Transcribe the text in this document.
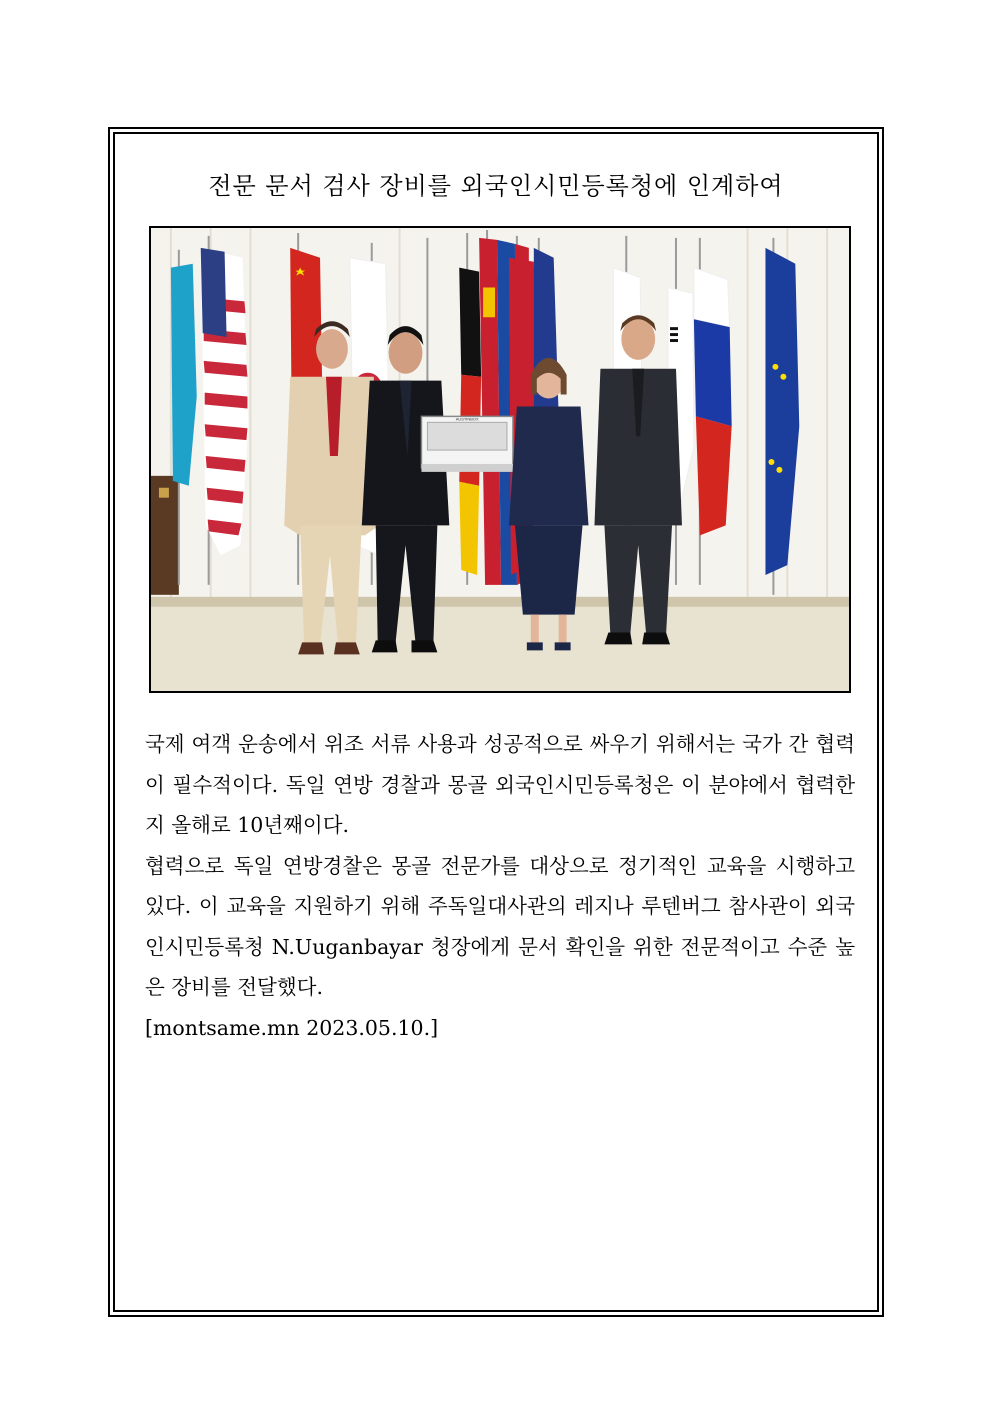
전문 문서 검사 장비를 외국인시민등록청에 인계하여
AUSTINBOX

국제 여객 운송에서 위조 서류 사용과 성공적으로 싸우기 위해서는 국가 간 협력이 필수적이다. 독일 연방 경찰과 몽골 외국인시민등록청은 이 분야에서 협력한 지 올해로 10년째이다.

협력으로 독일 연방경찰은 몽골 전문가를 대상으로 정기적인 교육을 시행하고 있다. 이 교육을 지원하기 위해 주독일대사관의 레지나 루텐버그 참사관이 외국인시민등록청 N.Uuganbayar 청장에게 문서 확인을 위한 전문적이고 수준 높은 장비를 전달했다.

[montsame.mn 2023.05.10.]
